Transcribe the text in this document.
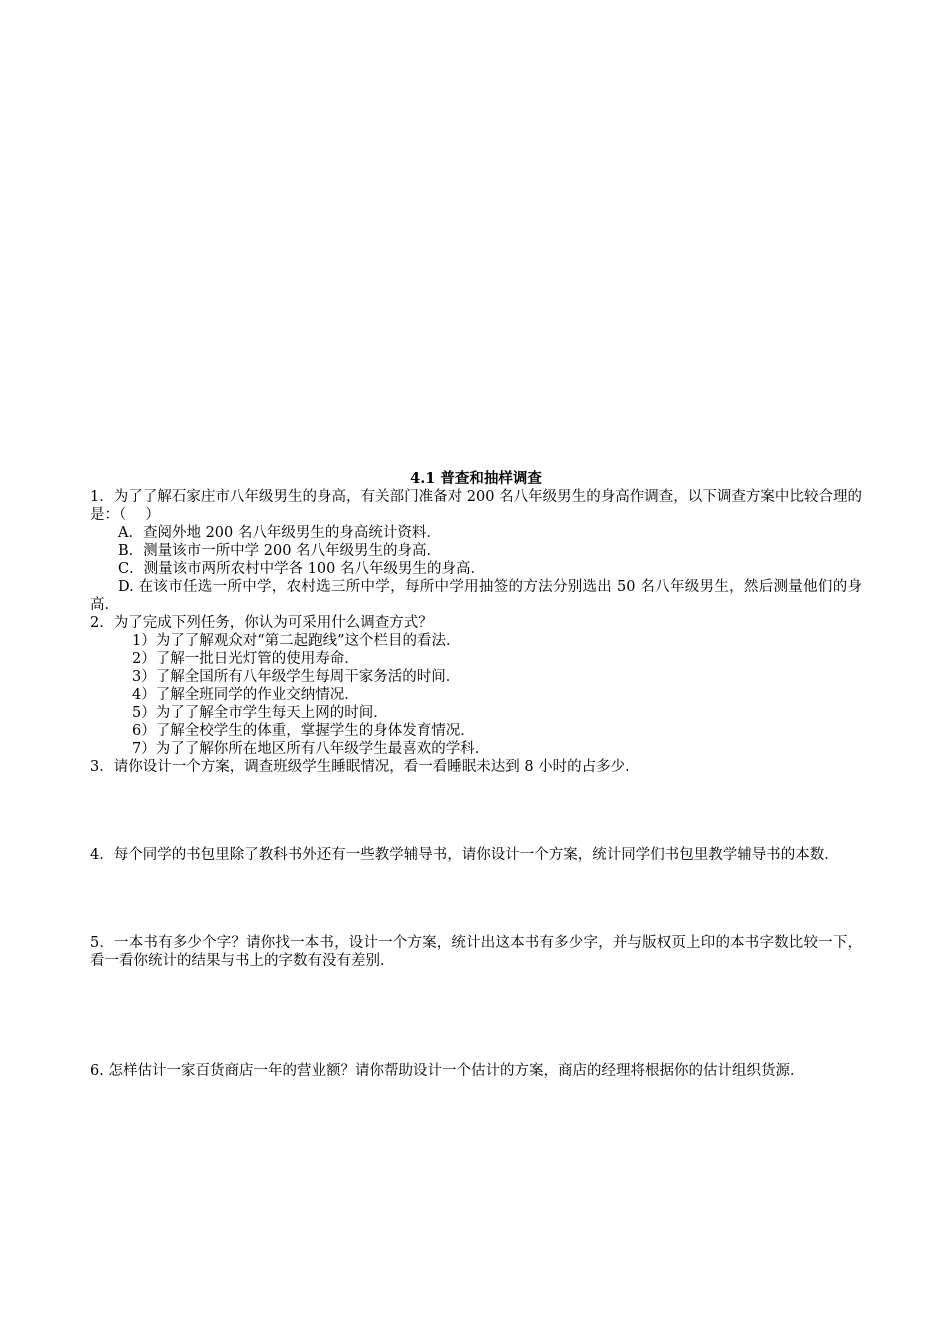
4.1 普查和抽样调查

1．为了了解石家庄市八年级男生的身高，有关部门准备对 200 名八年级男生的身高作调查，以下调查方案中比较合理的是：（　 ）

A．查阅外地 200 名八年级男生的身高统计资料．

B．测量该市一所中学 200 名八年级男生的身高．

C．测量该市两所农村中学各 100 名八年级男生的身高．

D. 在该市任选一所中学，农村选三所中学，每所中学用抽签的方法分别选出 50 名八年级男生，然后测量他们的身高．

2．为了完成下列任务，你认为可采用什么调查方式？

1）为了了解观众对“第二起跑线”这个栏目的看法．

2）了解一批日光灯管的使用寿命．

3）了解全国所有八年级学生每周干家务活的时间．

4）了解全班同学的作业交纳情况．

5）为了了解全市学生每天上网的时间．

6）了解全校学生的体重，掌握学生的身体发育情况．

7）为了了解你所在地区所有八年级学生最喜欢的学科．

3．请你设计一个方案，调查班级学生睡眠情况，看一看睡眠未达到 8 小时的占多少．

4．每个同学的书包里除了教科书外还有一些教学辅导书，请你设计一个方案，统计同学们书包里教学辅导书的本数．

5．一本书有多少个字？请你找一本书，设计一个方案，统计出这本书有多少字，并与版权页上印的本书字数比较一下，看一看你统计的结果与书上的字数有没有差别．

6. 怎样估计一家百货商店一年的营业额？请你帮助设计一个估计的方案，商店的经理将根据你的估计组织货源．
